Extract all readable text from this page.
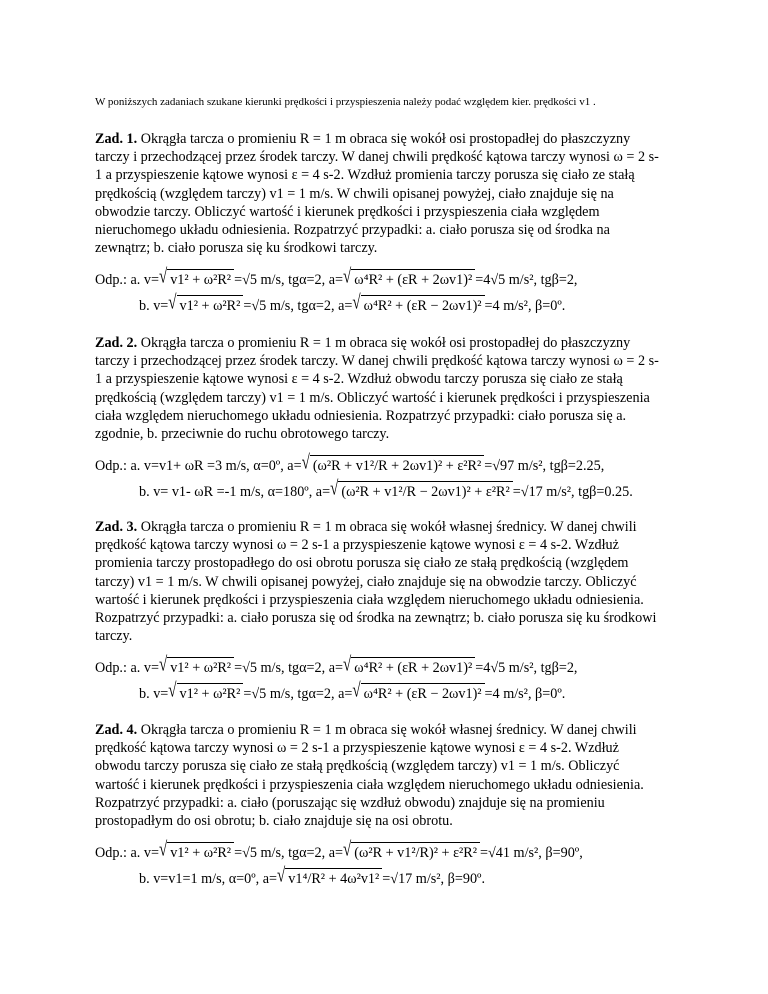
W poniższych zadaniach szukane kierunki prędkości i przyspieszenia należy podać względem kier. prędkości v1 .

Zad. 1. Okrągła tarcza o promieniu R = 1 m obraca się wokół osi prostopadłej do płaszczyzny tarczy i przechodzącej przez środek tarczy. W danej chwili prędkość kątowa tarczy wynosi ω = 2 s-1 a przyspieszenie kątowe wynosi ε = 4 s-2. Wzdłuż promienia tarczy porusza się ciało ze stałą prędkością (względem tarczy) v1 = 1 m/s. W chwili opisanej powyżej, ciało znajduje się na obwodzie tarczy. Obliczyć wartość i kierunek prędkości i przyspieszenia ciała względem nieruchomego układu odniesienia. Rozpatrzyć przypadki: a. ciało porusza się od środka na zewnątrz; b. ciało porusza się ku środkowi tarczy.

Odp.: a. v= √ v1² + ω²R² =√5 m/s, tgα=2, a= √ ω⁴R² + (εR + 2ωv1)² =4√5 m/s², tgβ=2,
b. v= √ v1² + ω²R² =√5 m/s, tgα=2, a= √ ω⁴R² + (εR − 2ωv1)² =4 m/s², β=0º.

Zad. 2. Okrągła tarcza o promieniu R = 1 m obraca się wokół osi prostopadłej do płaszczyzny tarczy i przechodzącej przez środek tarczy. W danej chwili prędkość kątowa tarczy wynosi ω = 2 s-1 a przyspieszenie kątowe wynosi ε = 4 s-2. Wzdłuż obwodu tarczy porusza się ciało ze stałą prędkością (względem tarczy) v1 = 1 m/s. Obliczyć wartość i kierunek prędkości i przyspieszenia ciała względem nieruchomego układu odniesienia. Rozpatrzyć przypadki: ciało porusza się a. zgodnie, b. przeciwnie do ruchu obrotowego tarczy.

Odp.: a. v=v1+ ωR =3 m/s, α=0º, a= √ (ω²R + v1²/R + 2ωv1)² + ε²R² =√97 m/s², tgβ=2.25,
b. v= v1- ωR =-1 m/s, α=180º, a= √ (ω²R + v1²/R − 2ωv1)² + ε²R² =√17 m/s², tgβ=0.25.

Zad. 3. Okrągła tarcza o promieniu R = 1 m obraca się wokół własnej średnicy. W danej chwili prędkość kątowa tarczy wynosi ω = 2 s-1 a przyspieszenie kątowe wynosi ε = 4 s-2. Wzdłuż promienia tarczy prostopadłego do osi obrotu porusza się ciało ze stałą prędkością (względem tarczy) v1 = 1 m/s. W chwili opisanej powyżej, ciało znajduje się na obwodzie tarczy. Obliczyć wartość i kierunek prędkości i przyspieszenia ciała względem nieruchomego układu odniesienia. Rozpatrzyć przypadki: a. ciało porusza się od środka na zewnątrz; b. ciało porusza się ku środkowi tarczy.

Odp.: a. v= √ v1² + ω²R² =√5 m/s, tgα=2, a= √ ω⁴R² + (εR + 2ωv1)² =4√5 m/s², tgβ=2,
b. v= √ v1² + ω²R² =√5 m/s, tgα=2, a= √ ω⁴R² + (εR − 2ωv1)² =4 m/s², β=0º.

Zad. 4. Okrągła tarcza o promieniu R = 1 m obraca się wokół własnej średnicy. W danej chwili prędkość kątowa tarczy wynosi ω = 2 s-1 a przyspieszenie kątowe wynosi ε = 4 s-2. Wzdłuż obwodu tarczy porusza się ciało ze stałą prędkością (względem tarczy) v1 = 1 m/s. Obliczyć wartość i kierunek prędkości i przyspieszenia ciała względem nieruchomego układu odniesienia. Rozpatrzyć przypadki: a. ciało (poruszając się wzdłuż obwodu) znajduje się na promieniu prostopadłym do osi obrotu; b. ciało znajduje się na osi obrotu.

Odp.: a. v= √ v1² + ω²R² =√5 m/s, tgα=2, a= √ (ω²R + v1²/R)² + ε²R² =√41 m/s², β=90º,
b. v=v1=1 m/s, α=0º, a= √ v1⁴/R² + 4ω²v1² =√17 m/s², β=90º.
